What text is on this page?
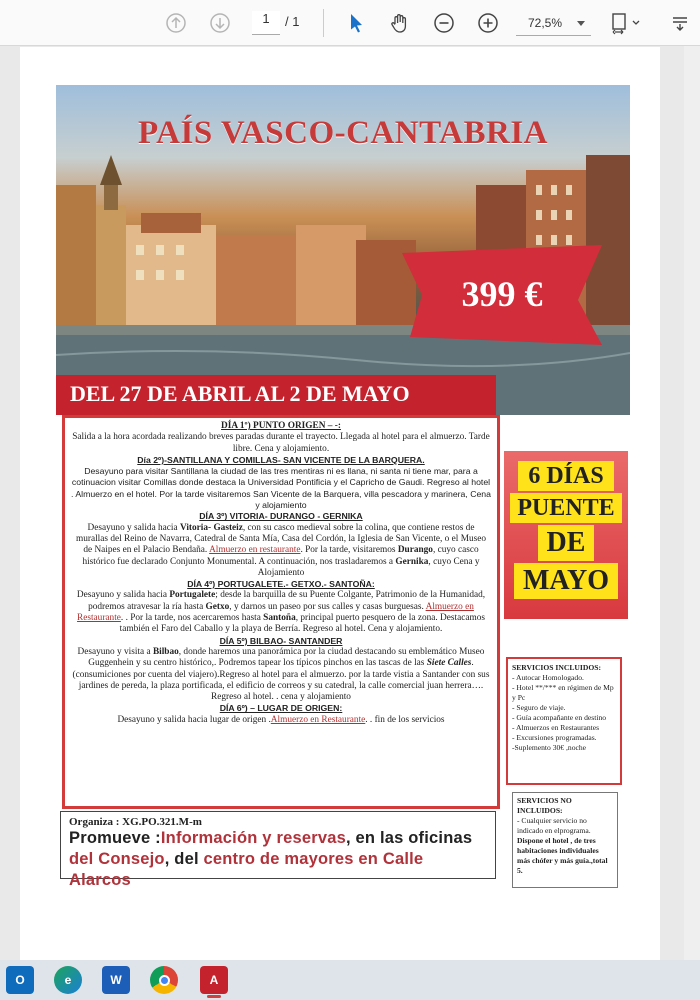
1	/ 1	72,5%
PAÍS VASCO-CANTABRIA
399 €
DEL 27 DE ABRIL AL 2 DE MAYO

DÍA 1º) PUNTO ORIGEN – -:

Salida a la hora acordada realizando breves paradas durante el trayecto. Llegada al hotel para el almuerzo. Tarde libre. Cena y alojamiento.

Día 2º)-SANTILLANA Y COMILLAS- SAN VICENTE DE LA BARQUERA.

Desayuno para visitar Santillana la ciudad de las tres mentiras ni es llana, ni santa ni tiene mar, para a cotinuacion visitar Comillas donde destaca la Universidad Pontificia y el Capricho de Gaudi. Regreso al hotel . Almuerzo en el hotel. Por la tarde visitaremos San Vicente de la Barquera, villa pescadora y marinera, Cena y alojamiento

DÍA 3º) VITORIA- DURANGO - GERNIKA

Desayuno y salida hacia Vitoria- Gasteiz, con su casco medieval sobre la colina, que contiene restos de murallas del Reino de Navarra, Catedral de Santa Mía, Casa del Cordón, la Iglesia de San Vicente, o el Museo de Naipes en el Palacio Bendaña. Almuerzo en restaurante. Por la tarde, visitaremos Durango, cuyo casco histórico fue declarado Conjunto Monumental. A continuación, nos trasladaremos a Gernika, cuyo Cena y Alojamiento

DÍA 4º) PORTUGALETE.- GETXO.- SANTOÑA:

Desayuno y salida hacia Portugalete; desde la barquilla de su Puente Colgante, Patrimonio de la Humanidad, podremos atravesar la ría hasta Getxo, y darnos un paseo por sus calles y casas burguesas. Almuerzo en Restaurante. . Por la tarde, nos acercaremos hasta Santoña, principal puerto pesquero de la zona. Destacamos también el Faro del Caballo y la playa de Berría. Regreso al hotel. Cena y alojamiento.

DÍA 5º) BILBAO- SANTANDER

Desayuno y visita a Bilbao, donde haremos una panorámica por la ciudad destacando su emblemático Museo Guggenhein y su centro histórico,. Podremos tapear los típicos pinchos en las tascas de las Siete Calles. (consumiciones por cuenta del viajero).Regreso al hotel para el almuerzo. por la tarde vistia a Santander con sus jardines de pereda, la plaza portificada, el edificio de correos y su catedral, la calle comercial juan herrera…. Regreso al hotel. . cena y alojamiento

DÍA 6º) – LUGAR DE ORIGEN:

Desayuno y salida hacia lugar de origen .Almuerzo en Restaurante. . fin de los servicios

6 DÍAS
PUENTE
DE
MAYO

SERVICIOS INCLUIDOS:

- Autocar Homologado.

- Hotel **/*** en régimen de Mp y Pc

- Seguro de viaje.

- Guía acompañante en destino

- Almuerzos en Restaurantes

- Excursiones programadas.

-Suplemento 30€ ,noche

SERVICIOS NO INCLUIDOS:

- Cualquier servicio no indicado en elprograma.

Dispone el hotel , de tres habitaciones individuales más chófer y más guía.,total 5.

Organiza : XG.PO.321.M-m

Promueve :Información y reservas, en las oficinas
del Consejo, del centro de mayores en Calle Alarcos

O	e	W	A
